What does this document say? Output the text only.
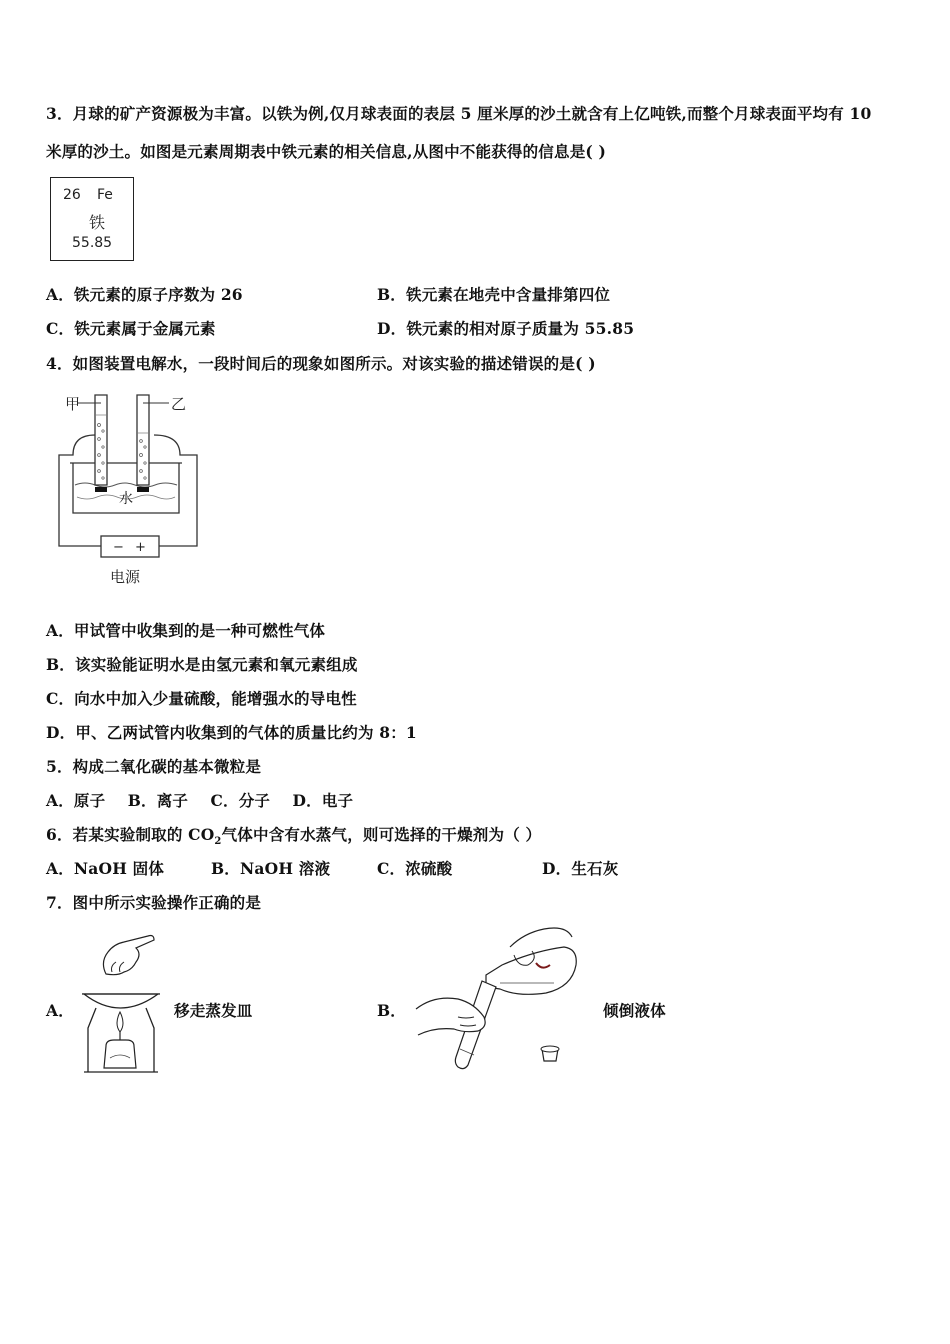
3．月球的矿产资源极为丰富。以铁为例,仅月球表面的表层 5 厘米厚的沙土就含有上亿吨铁,而整个月球表面平均有 10
米厚的沙土。如图是元素周期表中铁元素的相关信息,从图中不能获得的信息是( )
26 Fe
铁
55.85
A．铁元素的原子序数为 26	B．铁元素在地壳中含量排第四位
C．铁元素属于金属元素	D．铁元素的相对原子质量为 55.85
4．如图装置电解水，一段时间后的现象如图所示。对该实验的描述错误的是( )
甲	乙
水
− +
电源
A．甲试管中收集到的是一种可燃性气体
B．该实验能证明水是由氢元素和氧元素组成
C．向水中加入少量硫酸，能增强水的导电性
D．甲、乙两试管内收集到的气体的质量比约为 8：1
5．构成二氧化碳的基本微粒是
A．原子    B．离子    C．分子    D．电子
6．若某实验制取的 $CO_2$气体中含有水蒸气，则可选择的干燥剂为（ ）
A．NaOH 固体	B．NaOH 溶液	C．浓硫酸	D．生石灰
7．图中所示实验操作正确的是
A．	移走蒸发皿	B．	倾倒液体
